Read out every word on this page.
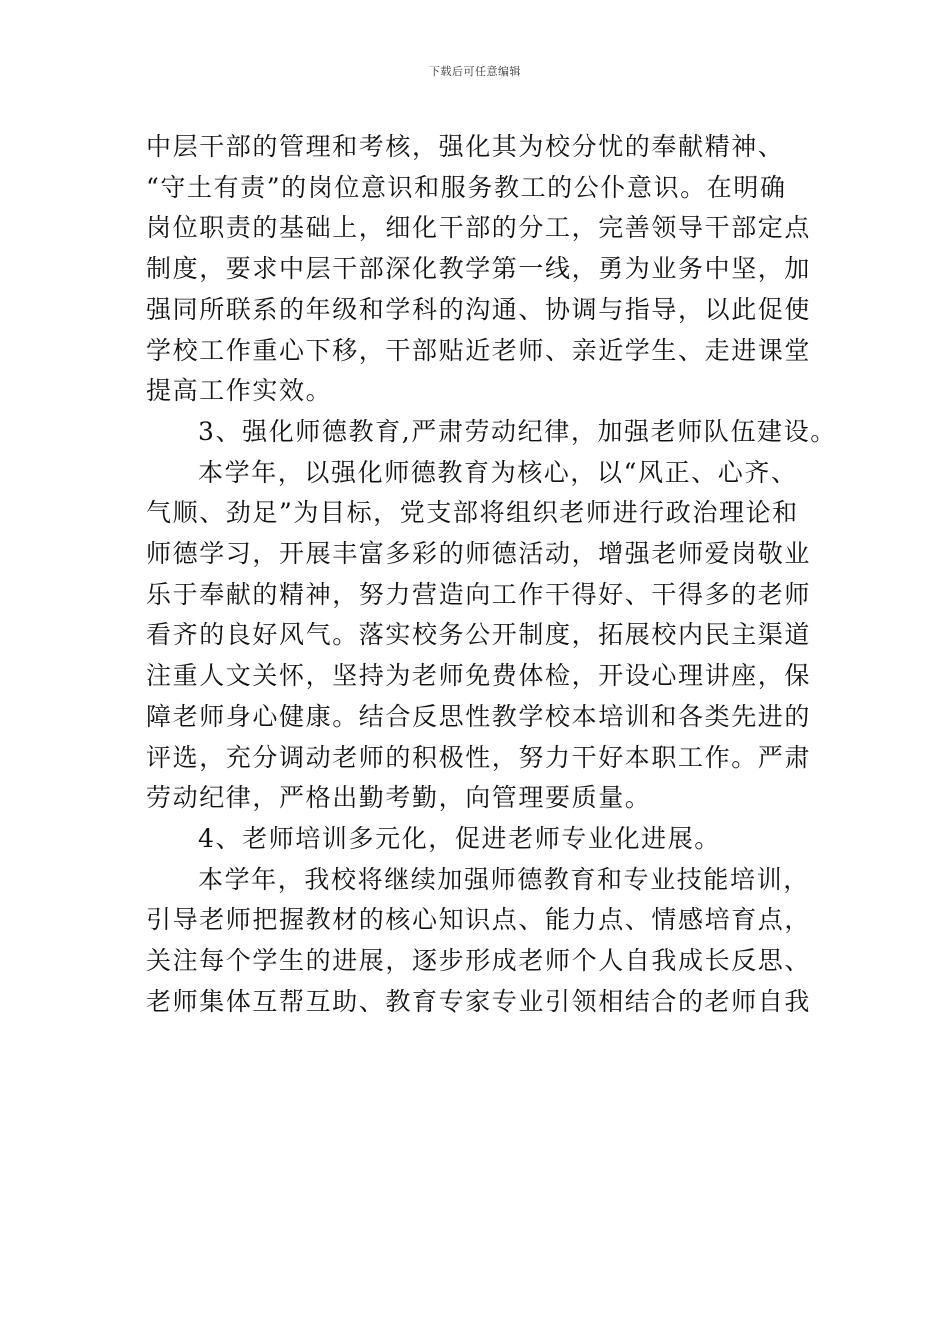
下载后可任意编辑
中层干部的管理和考核，强化其为校分忧的奉献精神、
“守土有责”的岗位意识和服务教工的公仆意识。在明确
岗位职责的基础上，细化干部的分工，完善领导干部定点
制度，要求中层干部深化教学第一线，勇为业务中坚，加
强同所联系的年级和学科的沟通、协调与指导，以此促使
学校工作重心下移，干部贴近老师、亲近学生、走进课堂
提高工作实效。
3、强化师德教育,严肃劳动纪律，加强老师队伍建设。
本学年，以强化师德教育为核心，以“风正、心齐、
气顺、劲足”为目标，党支部将组织老师进行政治理论和
师德学习，开展丰富多彩的师德活动，增强老师爱岗敬业
乐于奉献的精神，努力营造向工作干得好、干得多的老师
看齐的良好风气。落实校务公开制度，拓展校内民主渠道
注重人文关怀，坚持为老师免费体检，开设心理讲座，保
障老师身心健康。结合反思性教学校本培训和各类先进的
评选，充分调动老师的积极性，努力干好本职工作。严肃
劳动纪律，严格出勤考勤，向管理要质量。
4、老师培训多元化，促进老师专业化进展。
本学年，我校将继续加强师德教育和专业技能培训，
引导老师把握教材的核心知识点、能力点、情感培育点，
关注每个学生的进展，逐步形成老师个人自我成长反思、
老师集体互帮互助、教育专家专业引领相结合的老师自我
